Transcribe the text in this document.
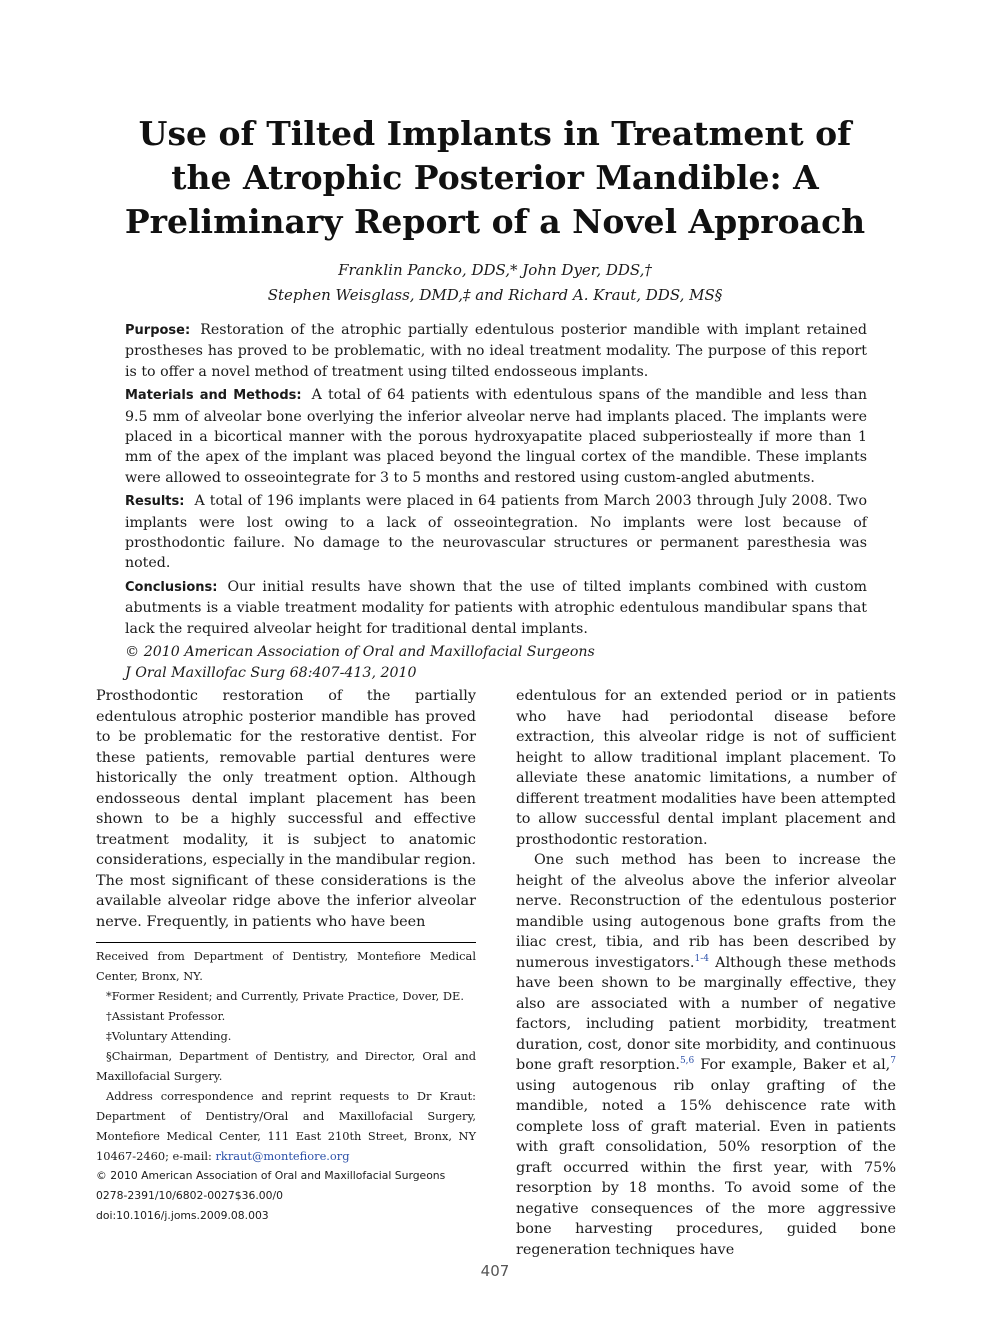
Use of Tilted Implants in Treatment of
the Atrophic Posterior Mandible: A
Preliminary Report of a Novel Approach
Franklin Pancko, DDS,* John Dyer, DDS,†
Stephen Weisglass, DMD,‡ and Richard A. Kraut, DDS, MS§

Purpose: Restoration of the atrophic partially edentulous posterior mandible with implant retained prostheses has proved to be problematic, with no ideal treatment modality. The purpose of this report is to offer a novel method of treatment using tilted endosseous implants.

Materials and Methods: A total of 64 patients with edentulous spans of the mandible and less than 9.5 mm of alveolar bone overlying the inferior alveolar nerve had implants placed. The implants were placed in a bicortical manner with the porous hydroxyapatite placed subperiosteally if more than 1 mm of the apex of the implant was placed beyond the lingual cortex of the mandible. These implants were allowed to osseointegrate for 3 to 5 months and restored using custom-angled abutments.

Results: A total of 196 implants were placed in 64 patients from March 2003 through July 2008. Two implants were lost owing to a lack of osseointegration. No implants were lost because of prosthodontic failure. No damage to the neurovascular structures or permanent paresthesia was noted.

Conclusions: Our initial results have shown that the use of tilted implants combined with custom abutments is a viable treatment modality for patients with atrophic edentulous mandibular spans that lack the required alveolar height for traditional dental implants.

© 2010 American Association of Oral and Maxillofacial Surgeons
J Oral Maxillofac Surg 68:407-413, 2010

Prosthodontic restoration of the partially edentulous atrophic posterior mandible has proved to be problematic for the restorative dentist. For these patients, removable partial dentures were historically the only treatment option. Although endosseous dental implant placement has been shown to be a highly successful and effective treatment modality, it is subject to anatomic considerations, especially in the mandibular region. The most significant of these considerations is the available alveolar ridge above the inferior alveolar nerve. Frequently, in patients who have been

Received from Department of Dentistry, Montefiore Medical Center, Bronx, NY.

*Former Resident; and Currently, Private Practice, Dover, DE.

†Assistant Professor.

‡Voluntary Attending.

§Chairman, Department of Dentistry, and Director, Oral and Maxillofacial Surgery.

Address correspondence and reprint requests to Dr Kraut: Department of Dentistry/Oral and Maxillofacial Surgery, Montefiore Medical Center, 111 East 210th Street, Bronx, NY 10467-2460; e-mail: rkraut@montefiore.org

© 2010 American Association of Oral and Maxillofacial Surgeons

0278-2391/10/6802-0027$36.00/0

doi:10.1016/j.joms.2009.08.003

edentulous for an extended period or in patients who have had periodontal disease before extraction, this alveolar ridge is not of sufficient height to allow traditional implant placement. To alleviate these anatomic limitations, a number of different treatment modalities have been attempted to allow successful dental implant placement and prosthodontic restoration.

One such method has been to increase the height of the alveolus above the inferior alveolar nerve. Reconstruction of the edentulous posterior mandible using autogenous bone grafts from the iliac crest, tibia, and rib has been described by numerous investigators.$^{1-4}$ Although these methods have been shown to be marginally effective, they also are associated with a number of negative factors, including patient morbidity, treatment duration, cost, donor site morbidity, and continuous bone graft resorption.$^{5,6}$ For example, Baker et al,$^7$ using autogenous rib onlay grafting of the mandible, noted a 15% dehiscence rate with complete loss of graft material. Even in patients with graft consolidation, 50% resorption of the graft occurred within the first year, with 75% resorption by 18 months. To avoid some of the negative consequences of the more aggressive bone harvesting procedures, guided bone regeneration techniques have

407
